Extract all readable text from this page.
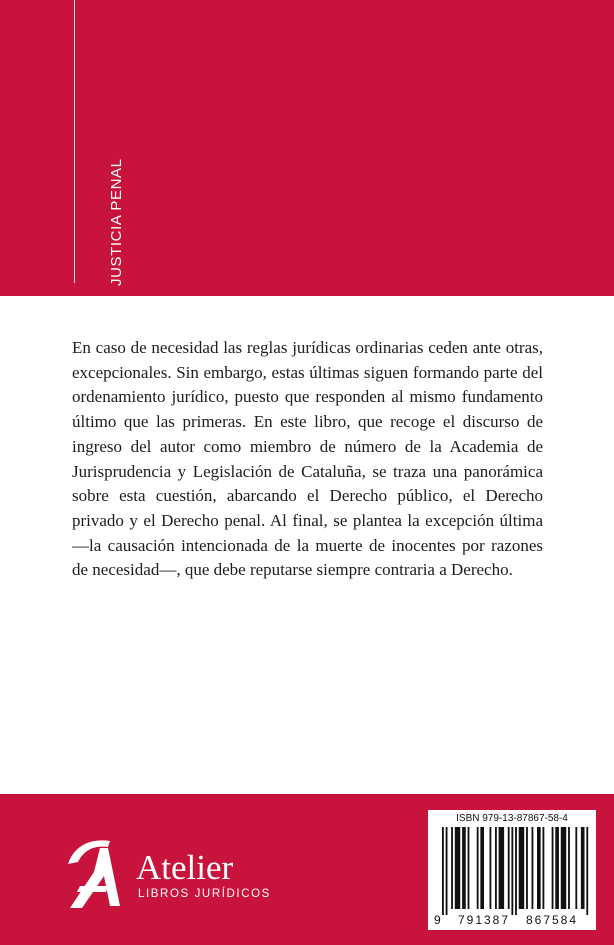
JUSTICIA PENAL

En caso de necesidad las reglas jurídicas ordinarias ceden ante otras, excepcionales. Sin embargo, estas últimas siguen formando parte del ordenamiento jurídico, puesto que responden al mismo fundamento último que las primeras. En este libro, que recoge el discurso de ingreso del autor como miembro de número de la Academia de Jurisprudencia y Legislación de Cataluña, se traza una panorámica sobre esta cuestión, abarcando el Derecho público, el Derecho privado y el Derecho penal. Al final, se plantea la excepción última —la causación intencionada de la muerte de inocentes por razones de necesidad—, que debe reputarse siempre contraria a Derecho.

Atelier
LIBROS JURÍDICOS
9 791387 867584
ISBN 979-13-87867-58-4
